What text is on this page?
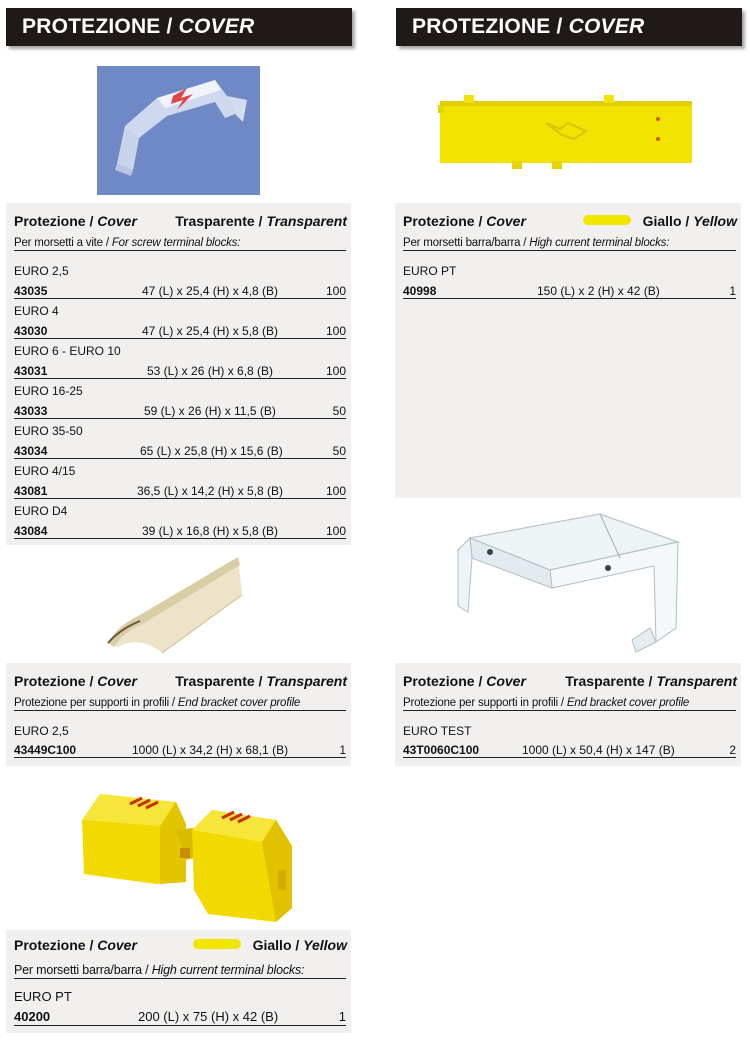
PROTEZIONE / COVER	PROTEZIONE / COVER
Protezione / Cover	Trasparente / Transparent
Per morsetti a vite / For screw terminal blocks:
EURO 2,5
43035	47 (L) x 25,4 (H) x 4,8 (B)	100
EURO 4
43030	47 (L) x 25,4 (H) x 5,8 (B)	100
EURO 6 - EURO 10
43031	53 (L) x 26 (H) x 6,8 (B)	100
EURO 16-25
43033	59 (L) x 26 (H) x 11,5 (B)	50
EURO 35-50
43034	65 (L) x 25,8 (H) x 15,6 (B)	50
EURO 4/15
43081	36,5 (L) x 14,2 (H) x 5,8 (B)	100
EURO D4
43084	39 (L) x 16,8 (H) x 5,8 (B)	100
Protezione / Cover	Giallo / Yellow
Per morsetti barra/barra / High current terminal blocks:
EURO PT
40998	150 (L) x 2 (H) x 42 (B)	1
Protezione / Cover	Trasparente / Transparent
Protezione per supporti in profili / End bracket cover profile
EURO 2,5
43449C100	1000 (L) x 34,2 (H) x 68,1 (B)	1
Protezione / Cover	Trasparente / Transparent
Protezione per supporti in profili / End bracket cover profile
EURO TEST
43T0060C100	1000 (L) x 50,4 (H) x 147 (B)	2
Protezione / Cover	Giallo / Yellow
Per morsetti barra/barra / High current terminal blocks:
EURO PT
40200	200 (L) x 75 (H) x 42 (B)	1
